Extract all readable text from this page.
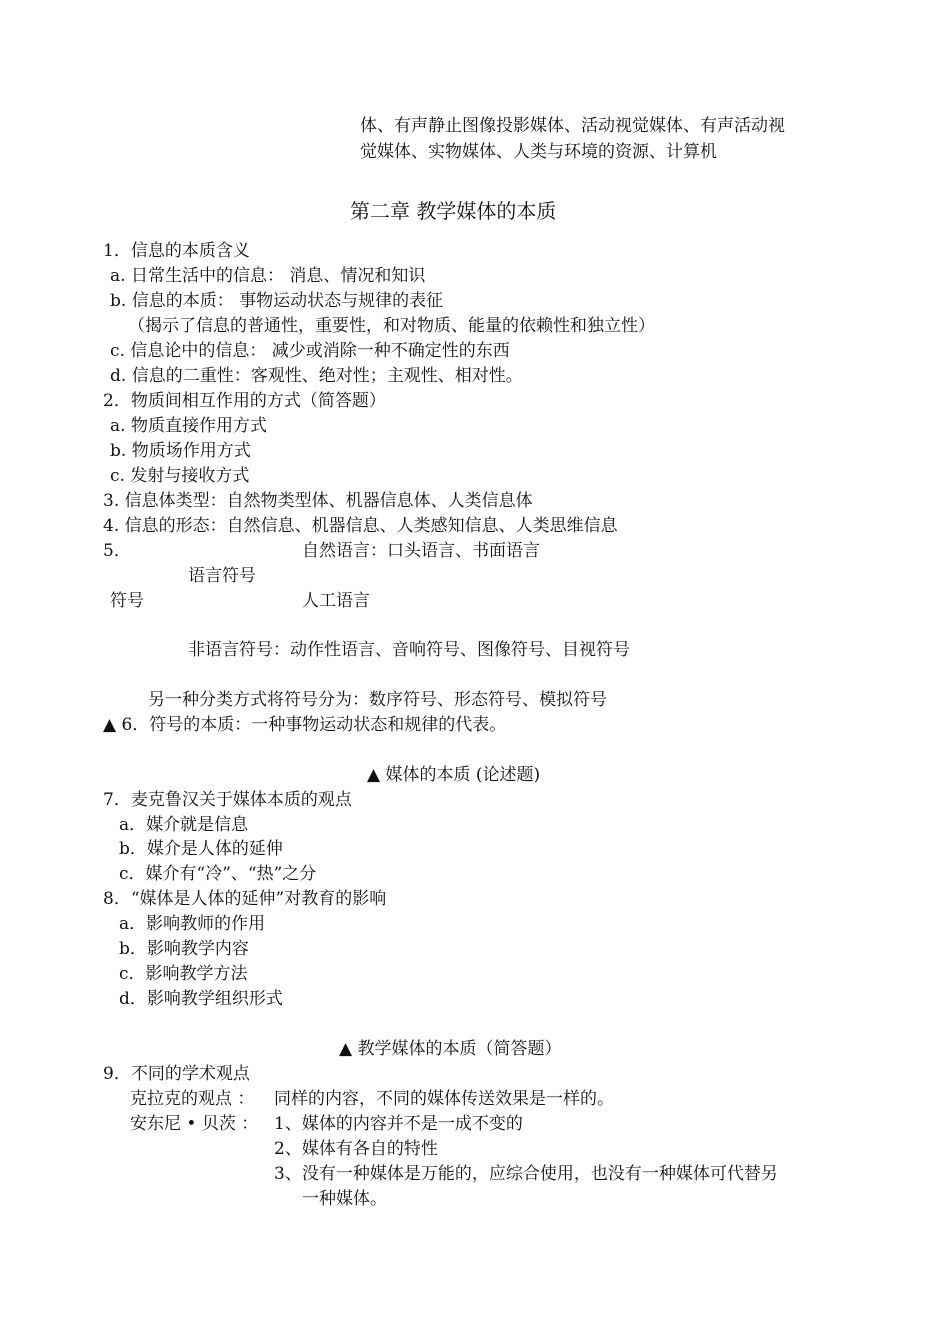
体、有声静止图像投影媒体、活动视觉媒体、有声活动视
觉媒体、实物媒体、人类与环境的资源、计算机
第二章 教学媒体的本质
1．信息的本质含义
a. 日常生活中的信息： 消息、情况和知识
b. 信息的本质： 事物运动状态与规律的表征
（揭示了信息的普通性，重要性，和对物质、能量的依赖性和独立性）
c. 信息论中的信息： 减少或消除一种不确定性的东西
d. 信息的二重性：客观性、绝对性；主观性、相对性。
2．物质间相互作用的方式（简答题）
a. 物质直接作用方式
b. 物质场作用方式
c. 发射与接收方式
3. 信息体类型：自然物类型体、机器信息体、人类信息体
4. 信息的形态：自然信息、机器信息、人类感知信息、人类思维信息
5．	自然语言：口头语言、书面语言
语言符号
符号	人工语言
非语言符号：动作性语言、音响符号、图像符号、目视符号
另一种分类方式将符号分为：数序符号、形态符号、模拟符号
▲ 6．符号的本质：一种事物运动状态和规律的代表。
▲ 媒体的本质 (论述题)
7．麦克鲁汉关于媒体本质的观点
a．媒介就是信息
b．媒介是人体的延伸
c．媒介有“冷”、“热”之分
8．“媒体是人体的延伸”对教育的影响
a．影响教师的作用
b．影响教学内容
c．影响教学方法
d．影响教学组织形式
▲ 教学媒体的本质（简答题）
9．不同的学术观点
克拉克的观点 ： 同样的内容，不同的媒体传送效果是一样的。
安东尼 • 贝茨 ： 1、媒体的内容并不是一成不变的
2、媒体有各自的特性
3、没有一种媒体是万能的，应综合使用，也没有一种媒体可代替另
一种媒体。
